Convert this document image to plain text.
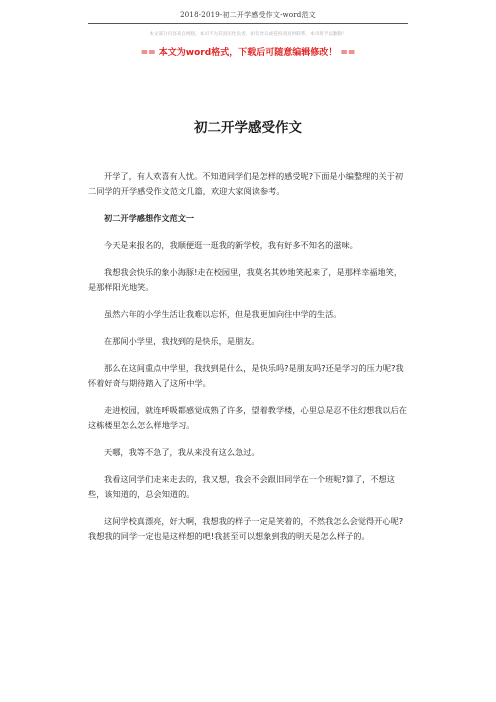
2018-2019-初二开学感受作文-word范文
本文部分内容来自网络，本司不为其真实性负责，如有异议或侵权请及时联系，本司将予以删除！
== 本文为word格式，下载后可随意编辑修改！ ==
初二开学感受作文

开学了，有人欢喜有人忧。不知道同学们是怎样的感受呢?下面是小编整理的关于初二同学的开学感受作文范文几篇，欢迎大家阅读参考。

初二开学感想作文范文一

今天是来报名的，我顺便逛一逛我的新学校，我有好多不知名的滋味。

我想我会快乐的象小海豚!走在校园里，我莫名其妙地笑起来了，是那样幸福地笑，是那样阳光地笑。

虽然六年的小学生活让我难以忘怀，但是我更加向往中学的生活。

在那间小学里，我找到的是快乐，是朋友。

那么在这间重点中学里，我找到是什么，是快乐吗?是朋友吗?还是学习的压力呢?我怀着好奇与期待踏入了这所中学。

走进校园，就连呼吸都感觉成熟了许多，望着教学楼，心里总是忍不住幻想我以后在这栋楼里怎么怎么样地学习。

天哪，我等不急了，我从来没有这么急过。

我看这同学们走来走去的，我又想，我会不会跟旧同学在一个班呢?算了，不想这些，该知道的，总会知道的。

这间学校真漂亮，好大啊，我想我的样子一定是笑着的，不然我怎么会觉得开心呢?我想我的同学一定也是这样想的吧!我甚至可以想象到我的明天是怎么样子的。
